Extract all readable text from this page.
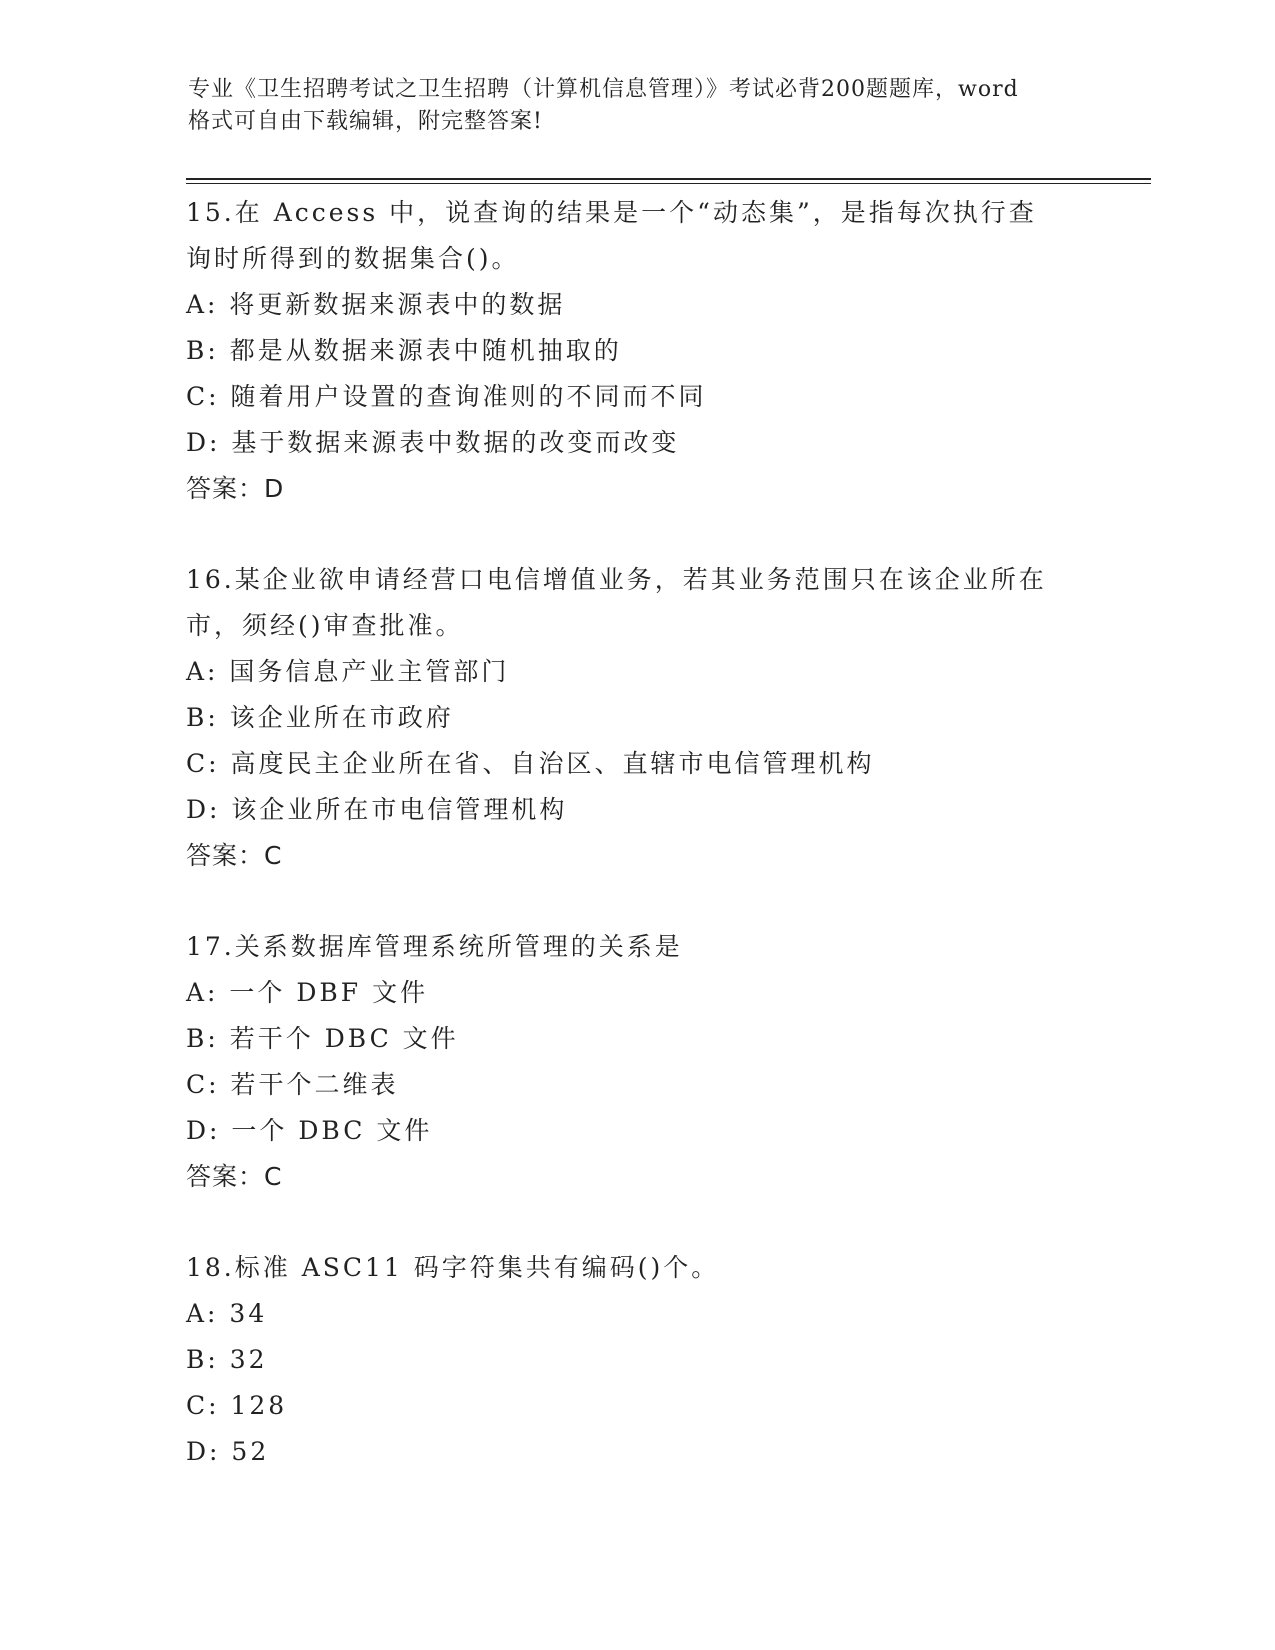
专业《卫生招聘考试之卫生招聘（计算机信息管理）》考试必背200题题库，word
格式可自由下载编辑，附完整答案!

15.在 Access 中，说查询的结果是一个“动态集”，是指每次执行查

询时所得到的数据集合()。

A: 将更新数据来源表中的数据

B: 都是从数据来源表中随机抽取的

C: 随着用户设置的查询准则的不同而不同

D: 基于数据来源表中数据的改变而改变

答案：D

16.某企业欲申请经营口电信增值业务，若其业务范围只在该企业所在

市，须经()审查批准。

A: 国务信息产业主管部门

B: 该企业所在市政府

C: 高度民主企业所在省、自治区、直辖市电信管理机构

D: 该企业所在市电信管理机构

答案：C

17.关系数据库管理系统所管理的关系是

A: 一个 DBF 文件

B: 若干个 DBC 文件

C: 若干个二维表

D: 一个 DBC 文件

答案：C

18.标准 ASC11 码字符集共有编码()个。

A: 34

B: 32

C: 128

D: 52
